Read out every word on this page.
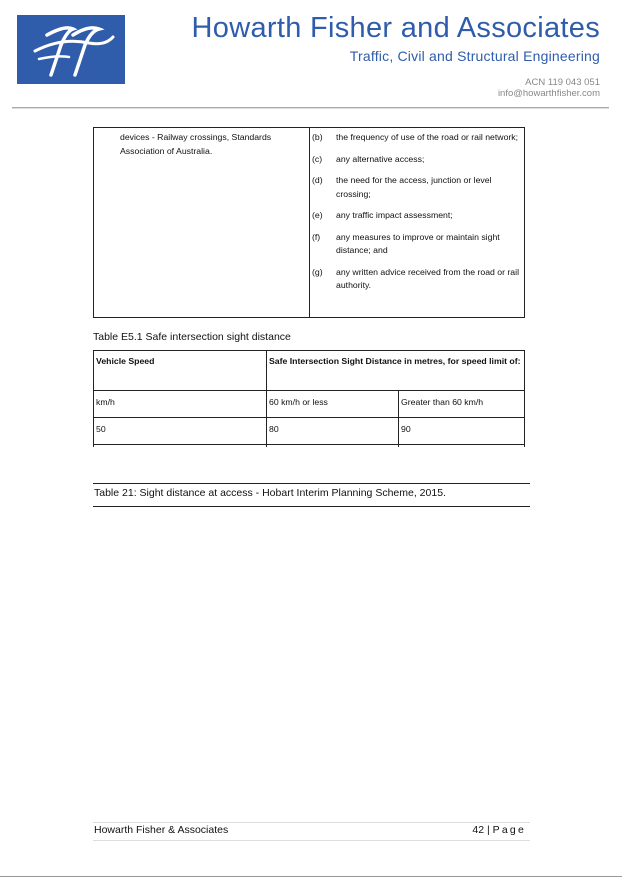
Howarth Fisher and Associates
Traffic, Civil and Structural Engineering
ACN 119 043 051
info@howarthfisher.com
devices - Railway crossings, Standards Association of Australia.
(b)	the frequency of use of the road or rail network;
(c)	any alternative access;
(d)	the need for the access, junction or level crossing;
(e)	any traffic impact assessment;
(f)	any measures to improve or maintain sight distance; and
(g)	any written advice received from the road or rail authority.
Table E5.1 Safe intersection sight distance
Vehicle Speed	Safe Intersection Sight Distance in metres, for speed limit of:
km/h	60 km/h or less	Greater than 60 km/h
50	80	90
Table 21: Sight distance at access - Hobart Interim Planning Scheme, 2015.
Howarth Fisher & Associates	42 | Page
